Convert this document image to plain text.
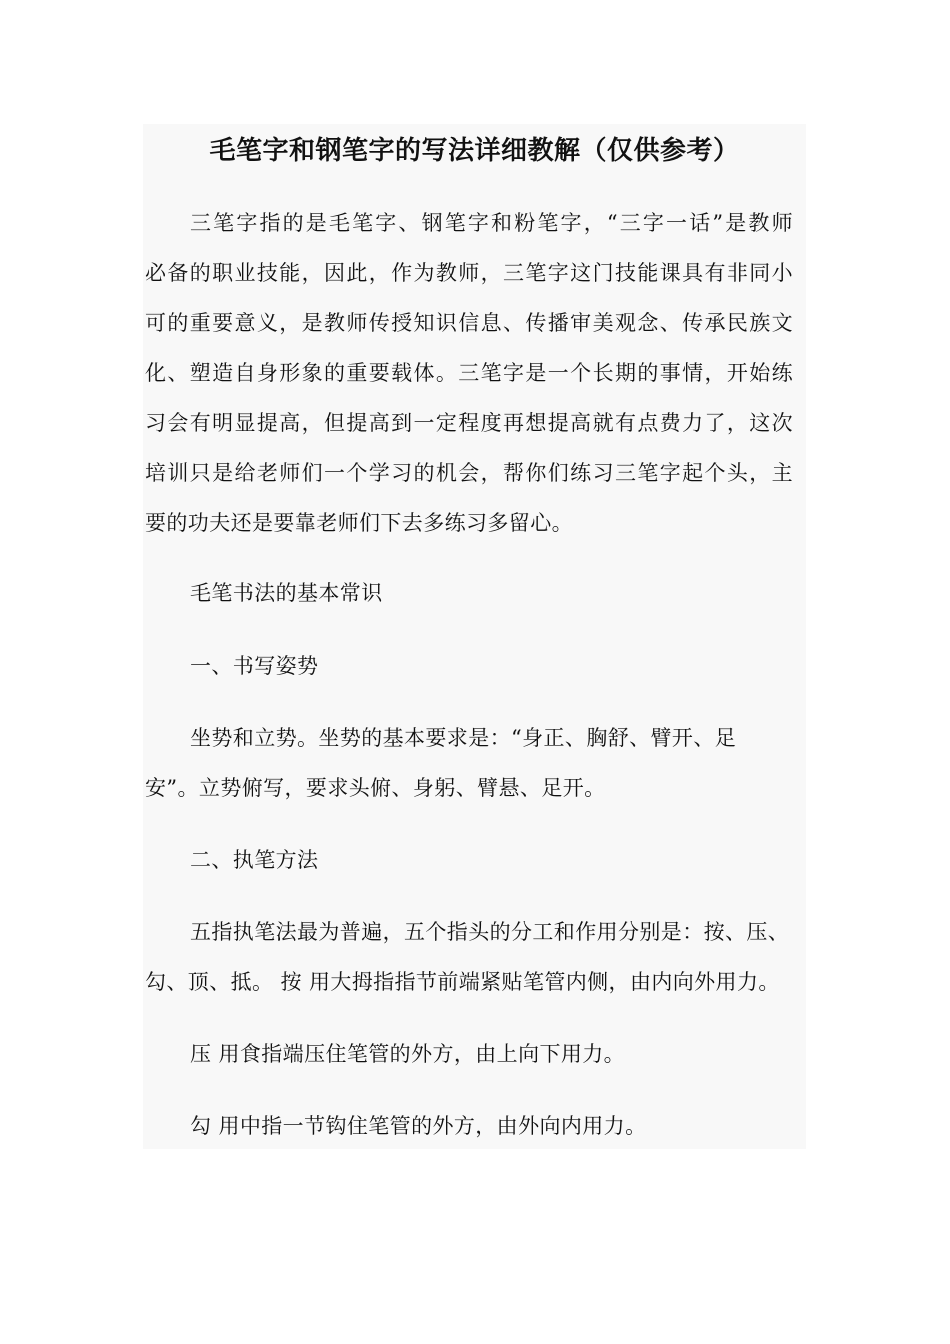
毛笔字和钢笔字的写法详细教解（仅供参考）
三笔字指的是毛笔字、钢笔字和粉笔字，“三字一话”是教师
必备的职业技能，因此，作为教师，三笔字这门技能课具有非同小
可的重要意义，是教师传授知识信息、传播审美观念、传承民族文
化、塑造自身形象的重要载体。三笔字是一个长期的事情，开始练
习会有明显提高，但提高到一定程度再想提高就有点费力了，这次
培训只是给老师们一个学习的机会，帮你们练习三笔字起个头，主
要的功夫还是要靠老师们下去多练习多留心。
毛笔书法的基本常识
一、书写姿势
坐势和立势。坐势的基本要求是：“身正、胸舒、臂开、足
安”。立势俯写，要求头俯、身躬、臂悬、足开。
二、执笔方法
五指执笔法最为普遍，五个指头的分工和作用分别是：按、压、
勾、顶、抵。 按 用大拇指指节前端紧贴笔管内侧，由内向外用力。
压 用食指端压住笔管的外方，由上向下用力。
勾 用中指一节钩住笔管的外方，由外向内用力。
